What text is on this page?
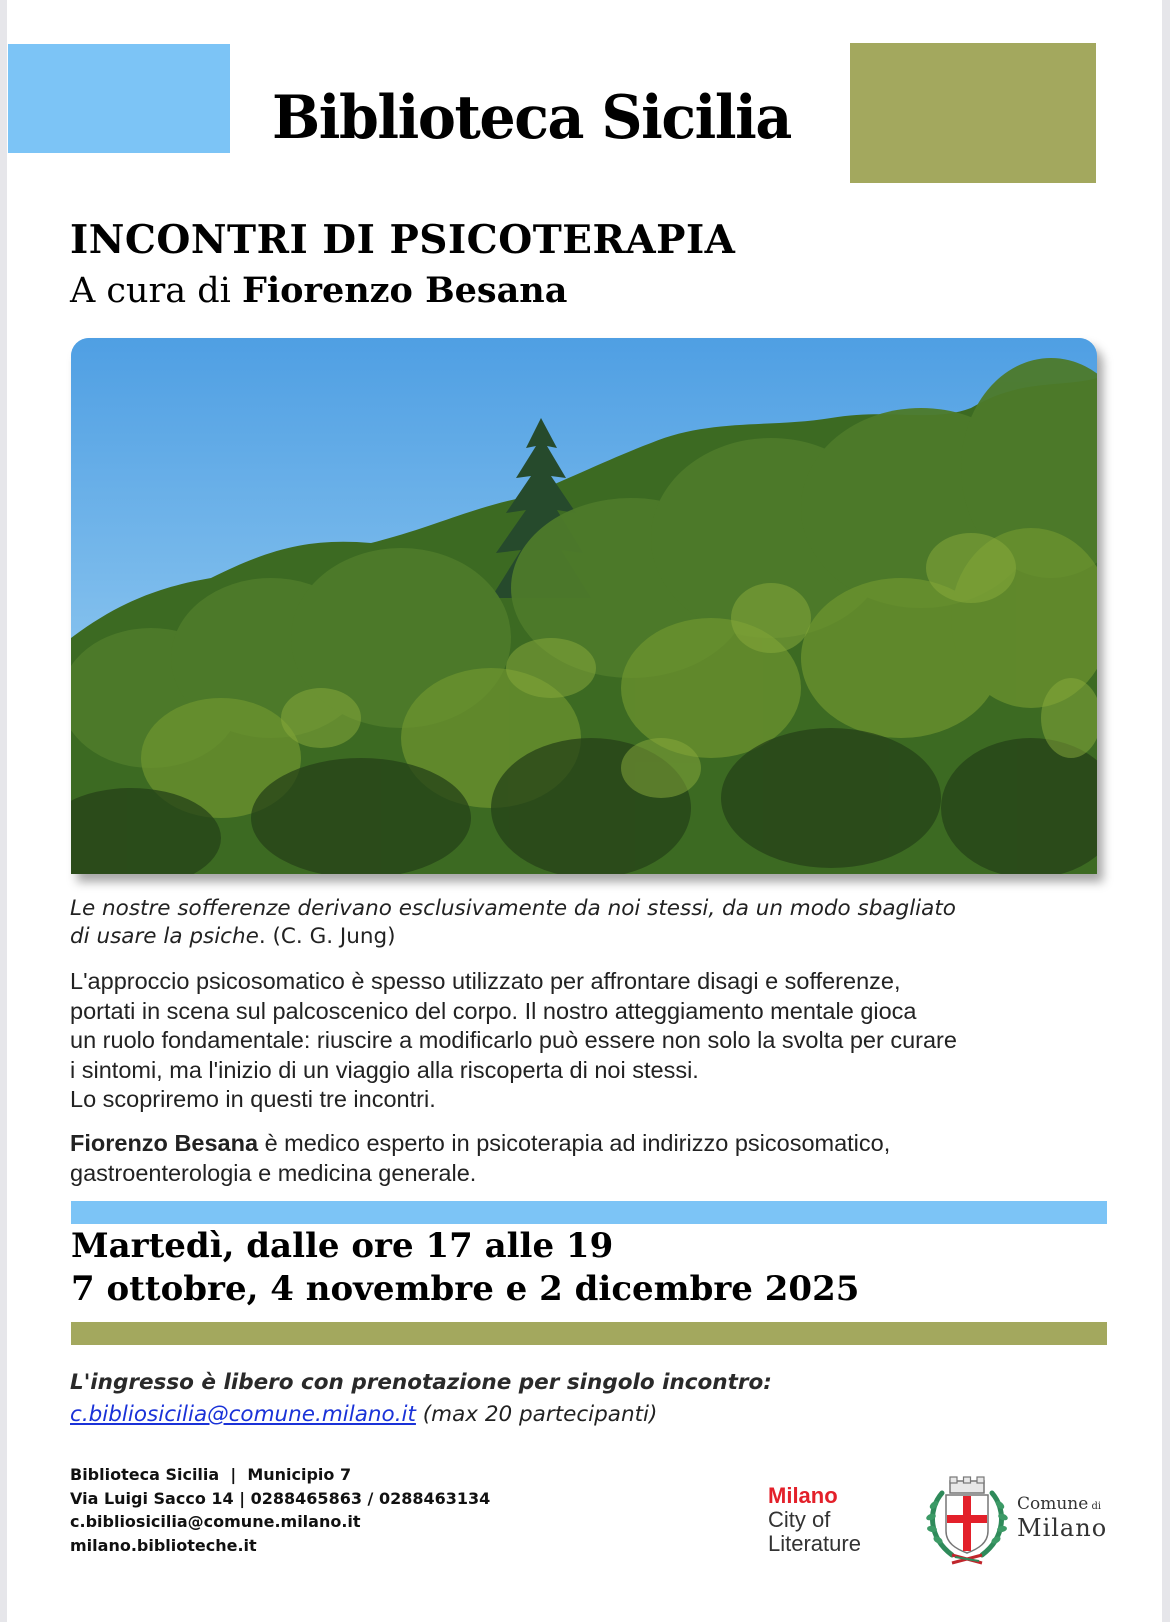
Biblioteca Sicilia
INCONTRI DI PSICOTERAPIA
A cura di Fiorenzo Besana
Le nostre sofferenze derivano esclusivamente da noi stessi, da un modo sbagliato
di usare la psiche. (C. G. Jung)
L'approccio psicosomatico è spesso utilizzato per affrontare disagi e sofferenze,
portati in scena sul palcoscenico del corpo. Il nostro atteggiamento mentale gioca
un ruolo fondamentale: riuscire a modificarlo può essere non solo la svolta per curare
i sintomi, ma l'inizio di un viaggio alla riscoperta di noi stessi.
Lo scopriremo in questi tre incontri.
Fiorenzo Besana è medico esperto in psicoterapia ad indirizzo psicosomatico,
gastroenterologia e medicina generale.
Martedì, dalle ore 17 alle 19
7 ottobre, 4 novembre e 2 dicembre 2025
L'ingresso è libero con prenotazione per singolo incontro:
c.bibliosicilia@comune.milano.it (max 20 partecipanti)
Biblioteca Sicilia  |  Municipio 7
Via Luigi Sacco 14 | 0288465863 / 0288463134
c.bibliosicilia@comune.milano.it
milano.biblioteche.it
Milano
City of
Literature
Comune di
Milano
